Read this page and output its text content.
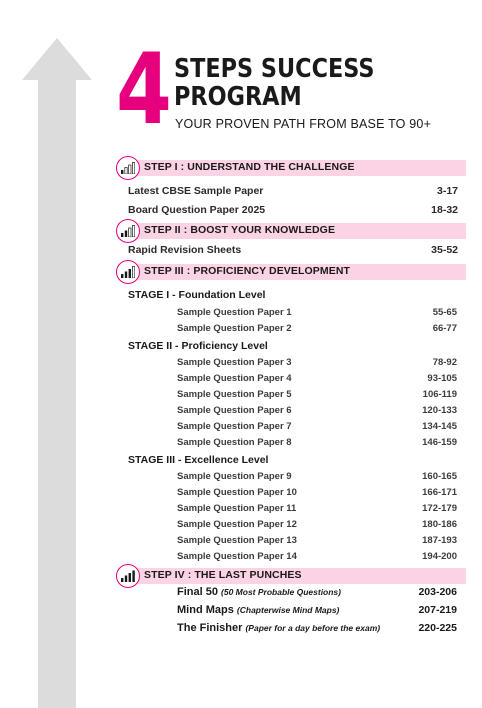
4 STEPS SUCCESS
PROGRAM
YOUR PROVEN PATH FROM BASE TO 90+
STEP I : UNDERSTAND THE CHALLENGE
Latest CBSE Sample Paper	3-17
Board Question Paper 2025	18-32
STEP II : BOOST YOUR KNOWLEDGE
Rapid Revision Sheets	35-52
STEP III : PROFICIENCY DEVELOPMENT
STAGE I - Foundation Level
Sample Question Paper 1	55-65
Sample Question Paper 2	66-77
STAGE II - Proficiency Level
Sample Question Paper 3	78-92
Sample Question Paper 4	93-105
Sample Question Paper 5	106-119
Sample Question Paper 6	120-133
Sample Question Paper 7	134-145
Sample Question Paper 8	146-159
STAGE III - Excellence Level
Sample Question Paper 9	160-165
Sample Question Paper 10	166-171
Sample Question Paper 11	172-179
Sample Question Paper 12	180-186
Sample Question Paper 13	187-193
Sample Question Paper 14	194-200
STEP IV : THE LAST PUNCHES
Final 50 (50 Most Probable Questions)	203-206
Mind Maps (Chapterwise Mind Maps)	207-219
The Finisher (Paper for a day before the exam)	220-225
